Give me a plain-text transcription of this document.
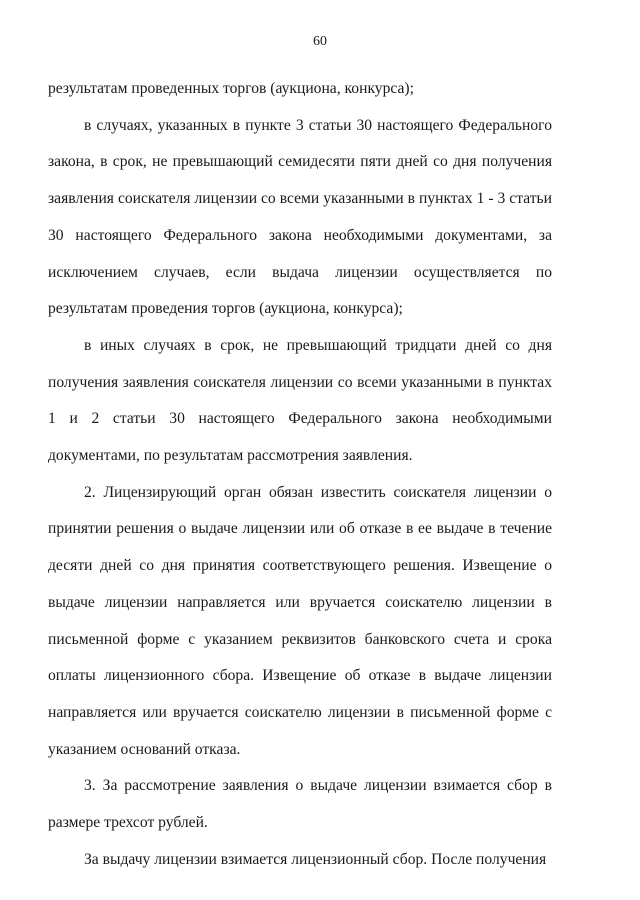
60

результатам проведенных торгов (аукциона, конкурса);

в случаях, указанных в пункте 3 статьи 30 настоящего Федерального закона, в срок, не превышающий семидесяти пяти дней со дня получения заявления соискателя лицензии со всеми указанными в пунктах 1 - 3 статьи 30 настоящего Федерального закона необходимыми документами, за исключением случаев, если выдача лицензии осуществляется по результатам проведения торгов (аукциона, конкурса);

в иных случаях в срок, не превышающий тридцати дней со дня получения заявления соискателя лицензии со всеми указанными в пунктах 1 и 2 статьи 30 настоящего Федерального закона необходимыми документами, по результатам рассмотрения заявления.

2. Лицензирующий орган обязан известить соискателя лицензии о принятии решения о выдаче лицензии или об отказе в ее выдаче в течение десяти дней со дня принятия соответствующего решения. Извещение о выдаче лицензии направляется или вручается соискателю лицензии в письменной форме с указанием реквизитов банковского счета и срока оплаты лицензионного сбора. Извещение об отказе в выдаче лицензии направляется или вручается соискателю лицензии в письменной форме с указанием оснований отказа.

3. За рассмотрение заявления о выдаче лицензии взимается сбор в размере трехсот рублей.

За выдачу лицензии взимается лицензионный сбор. После получения
